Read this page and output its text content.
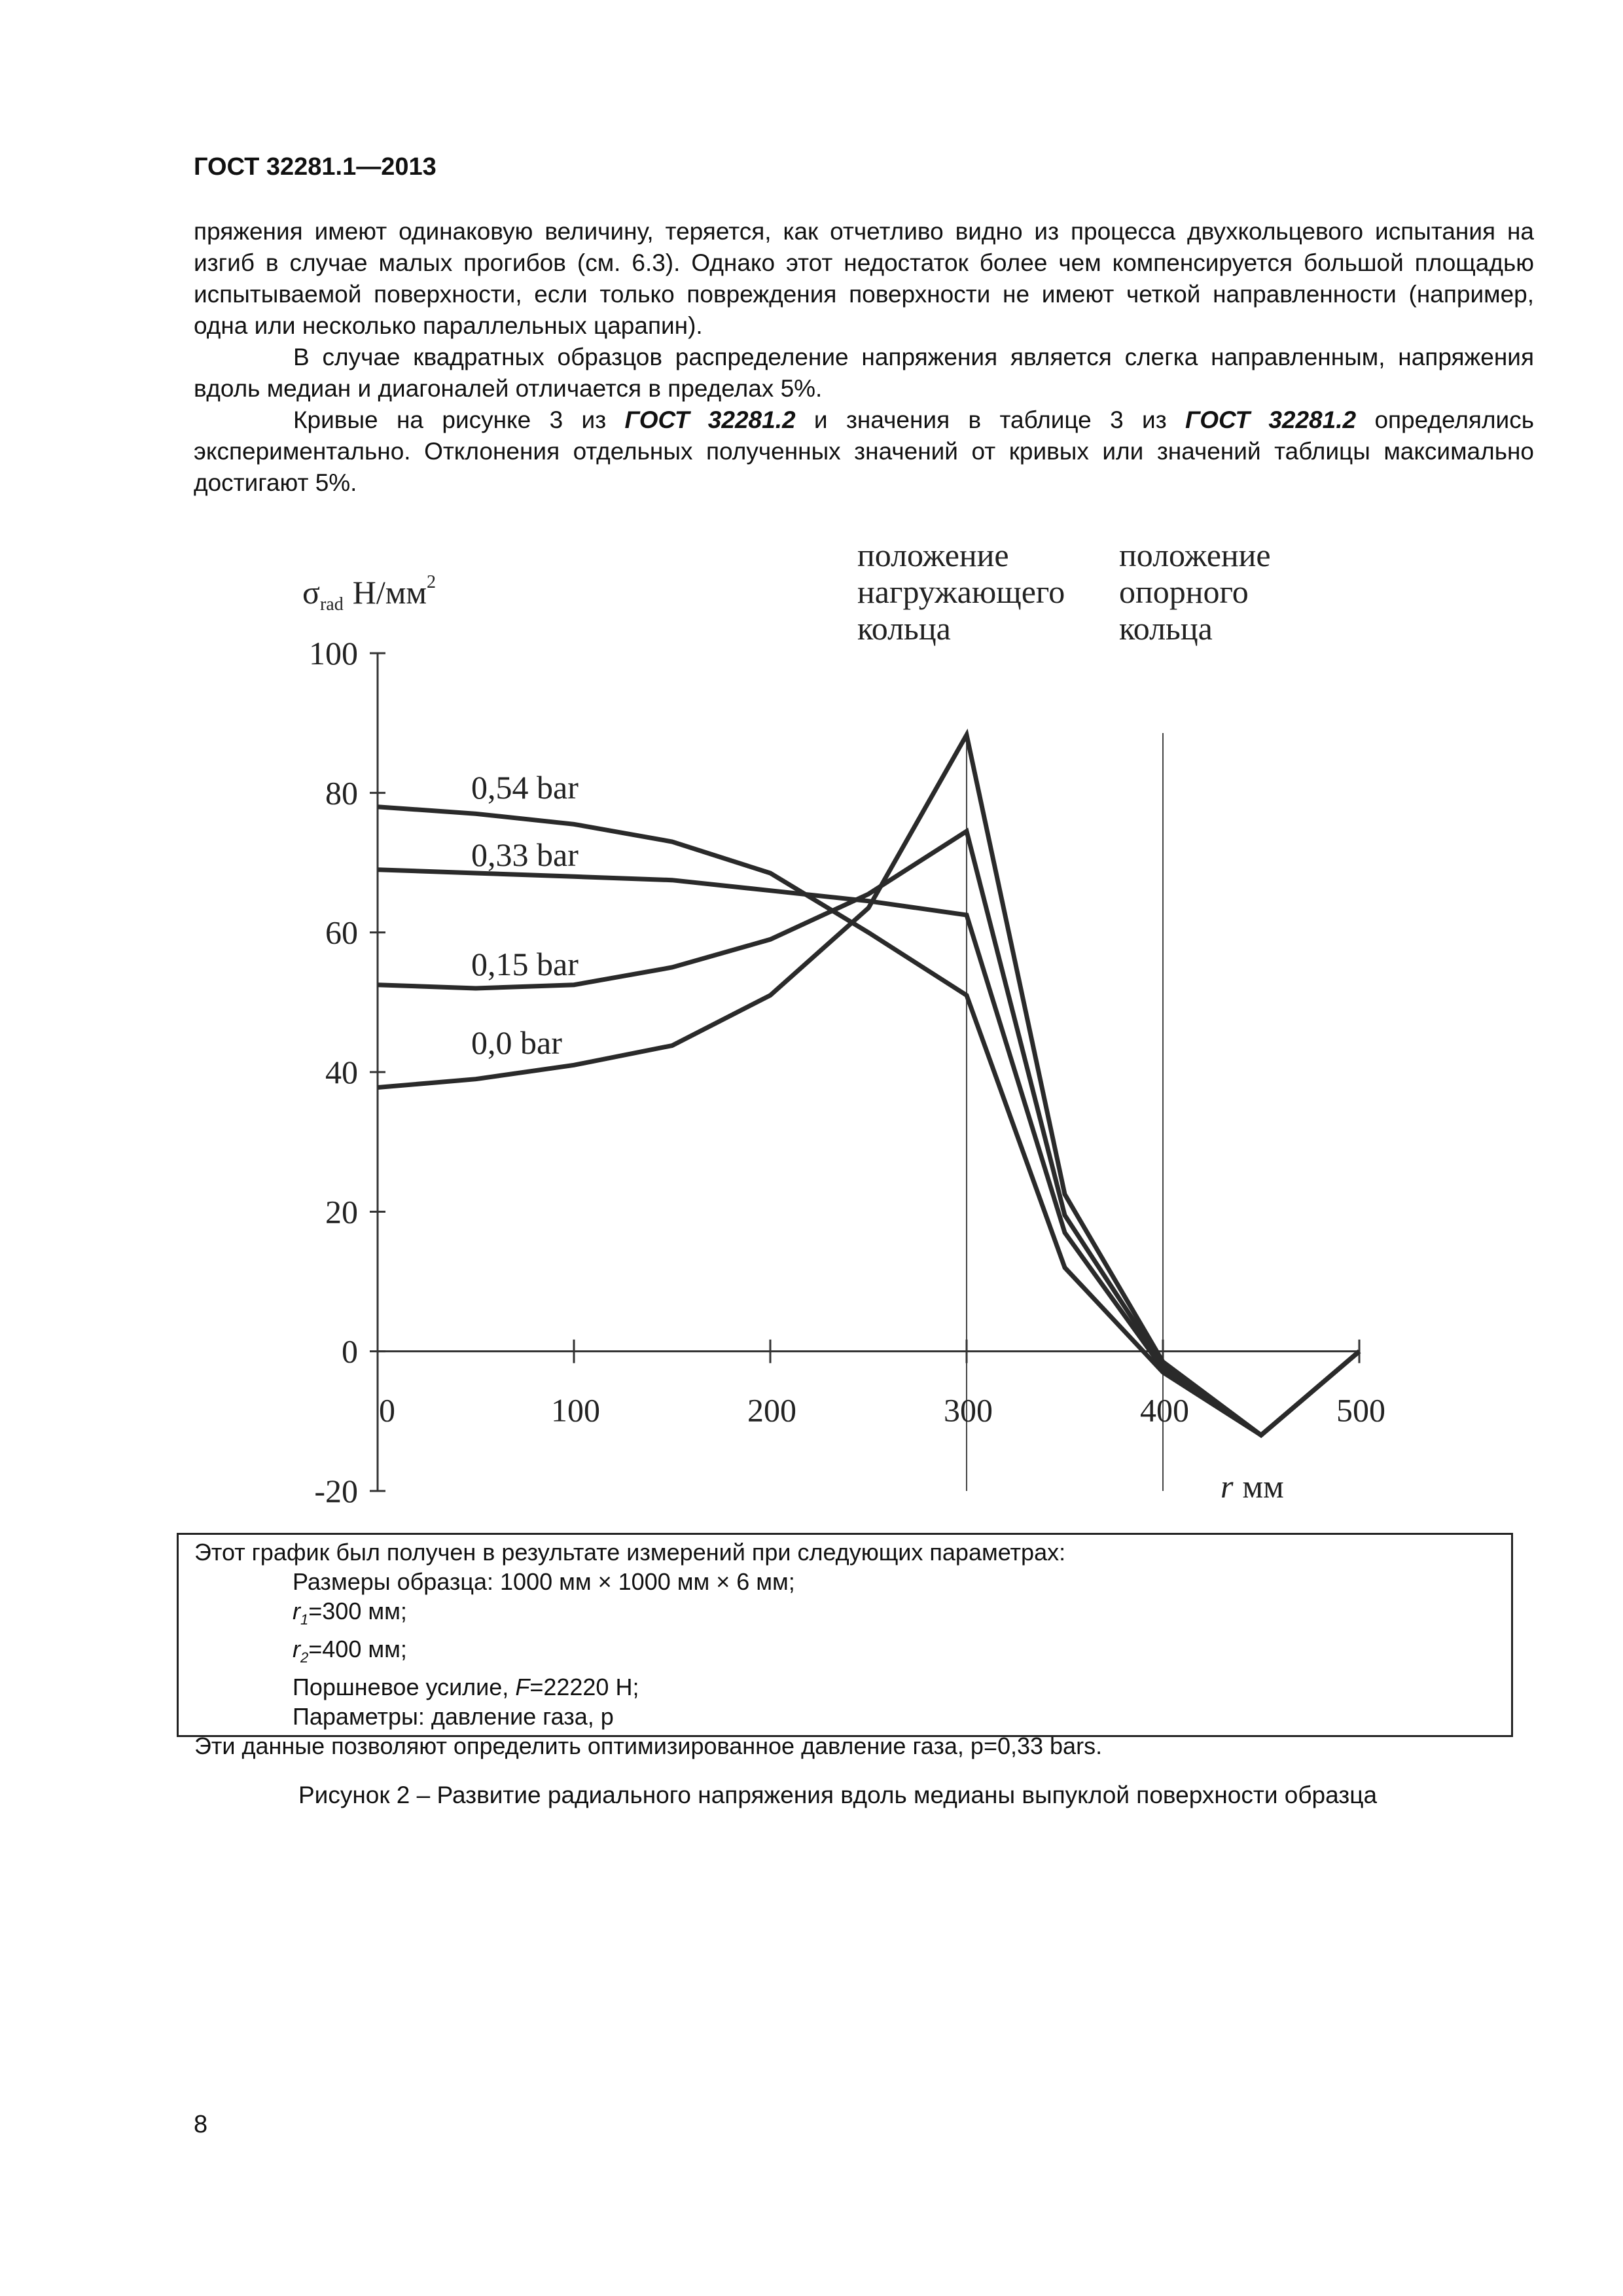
ГОСТ 32281.1—2013

пряжения имеют одинаковую величину, теряется, как отчетливо видно из процесса двухкольцевого испытания на изгиб в случае малых прогибов (см. 6.3). Однако этот недостаток более чем компенсируется большой площадью испытываемой поверхности, если только повреждения поверхности не имеют четкой направленности (например, одна или несколько параллельных царапин).

В случае квадратных образцов распределение напряжения является слегка направленным, напряжения вдоль медиан и диагоналей отличается в пределах 5%.

Кривые на рисунке 3 из ГОСТ 32281.2 и значения в таблице 3 из ГОСТ 32281.2 определялись экспериментально. Отклонения отдельных полученных значений от кривых или значений таблицы максимально достигают 5%.

положение
нагружающего
кольца
положение
опорного
кольца
100
80
60
40
20
0
-20
0	100	200	300	400	500
0,54 bar
0,33 bar
0,15 bar
0,0 bar
$\sigma_{rad}$ $Н/мм^2$
r мм
Этот график был получен в результате измерений при следующих параметрах:
Размеры образца: 1000 мм × 1000 мм × 6 мм;
$r_1=300$ мм;
$r_2=400$ мм;
Поршневое усилие, F=22220 Н;
Параметры: давление газа, p
Эти данные позволяют определить оптимизированное давление газа, p=0,33 bars.
Рисунок 2 – Развитие радиального напряжения вдоль медианы выпуклой поверхности образца
8
